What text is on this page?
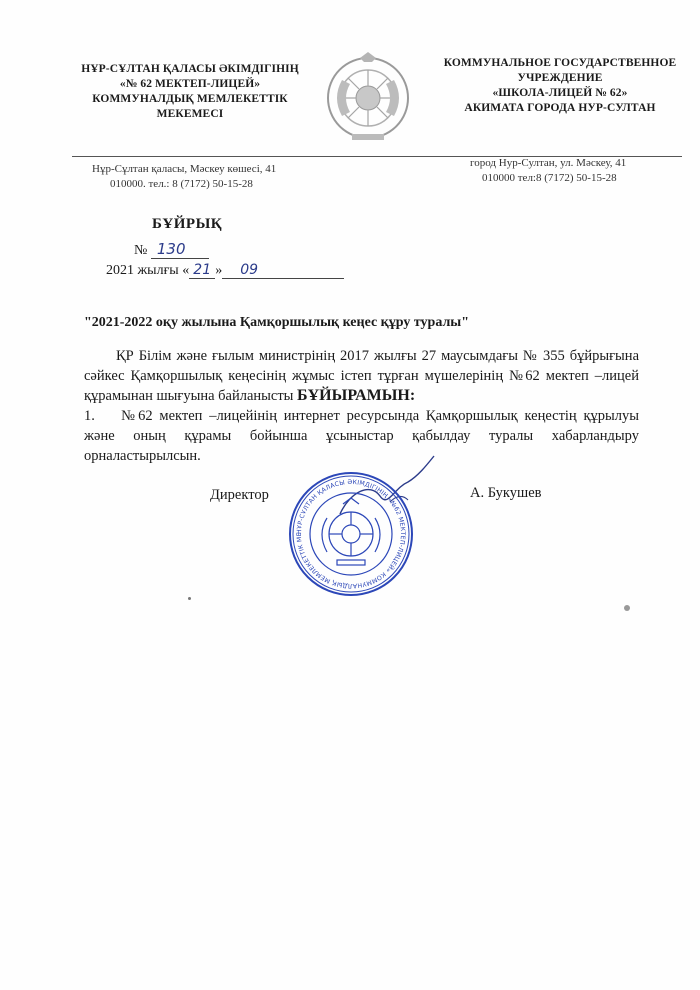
НҰР-СҰЛТАН ҚАЛАСЫ ӘКІМДІГІНІҢ
«№ 62 МЕКТЕП-ЛИЦЕЙ»
КОММУНАЛДЫҚ МЕМЛЕКЕТТІК
МЕКЕМЕСІ
КОММУНАЛЬНОЕ ГОСУДАРСТВЕННОЕ
УЧРЕЖДЕНИЕ
«ШКОЛА-ЛИЦЕЙ № 62»
АКИМАТА ГОРОДА НУР-СУЛТАН
Нұр-Сұлтан қаласы, Мәскеу көшесі, 41
010000. тел.: 8 (7172) 50-15-28
город Нур-Султан, ул. Мәскеу, 41
010000 тел:8 (7172) 50-15-28
БҰЙРЫҚ
№ 130
2021 жылғы « 21 » 09
"2021-2022 оқу жылына Қамқоршылық кеңес құру туралы"
ҚР Білім және ғылым министрінің 2017 жылғы 27 маусымдағы № 355 бұйрығына сәйкес Қамқоршылық кеңесінің жұмыс істеп тұрған мүшелерінің №62 мектеп –лицей құрамынан шығуына байланысты БҰЙЫРАМЫН:
1. №62 мектеп –лицейінің интернет ресурсында Қамқоршылық кеңестің құрылуы және оның құрамы бойынша ұсыныстар қабылдау туралы хабарландыру орналастырылсын.
Директор	А. Букушев
НҰР-СҰЛТАН ҚАЛАСЫ ӘКІМДІГІНІҢ «№62 МЕКТЕП-ЛИЦЕЙ» КОММУНАЛДЫҚ МЕМЛЕКЕТТІК МЕ
